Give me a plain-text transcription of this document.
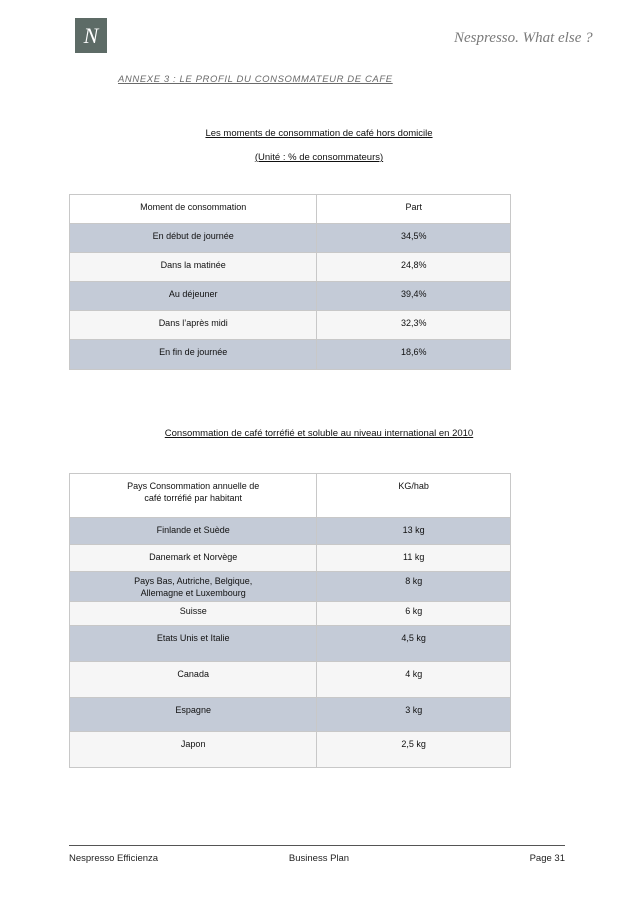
N	Nespresso. What else ?
ANNEXE 3 : LE PROFIL DU CONSOMMATEUR DE CAFE
Les moments de consommation de café hors domicile
(Unité : % de consommateurs)
Moment de consommation	Part

En début de journée	34,5%

Dans la matinée	24,8%

Au déjeuner	39,4%

Dans l’après midi	32,3%

En fin de journée	18,6%
Consommation de café torréfié et soluble au niveau international en 2010
Pays Consommation annuelle de
café torréfié par habitant	KG/hab

Finlande et Suède	13 kg

Danemark et Norvège	11 kg

Pays Bas, Autriche, Belgique,
Allemagne et Luxembourg	8 kg

Suisse	6 kg

Etats Unis et Italie	4,5 kg

Canada	4 kg

Espagne	3 kg

Japon	2,5 kg
Nespresso Efficienza	Business Plan	Page 31
